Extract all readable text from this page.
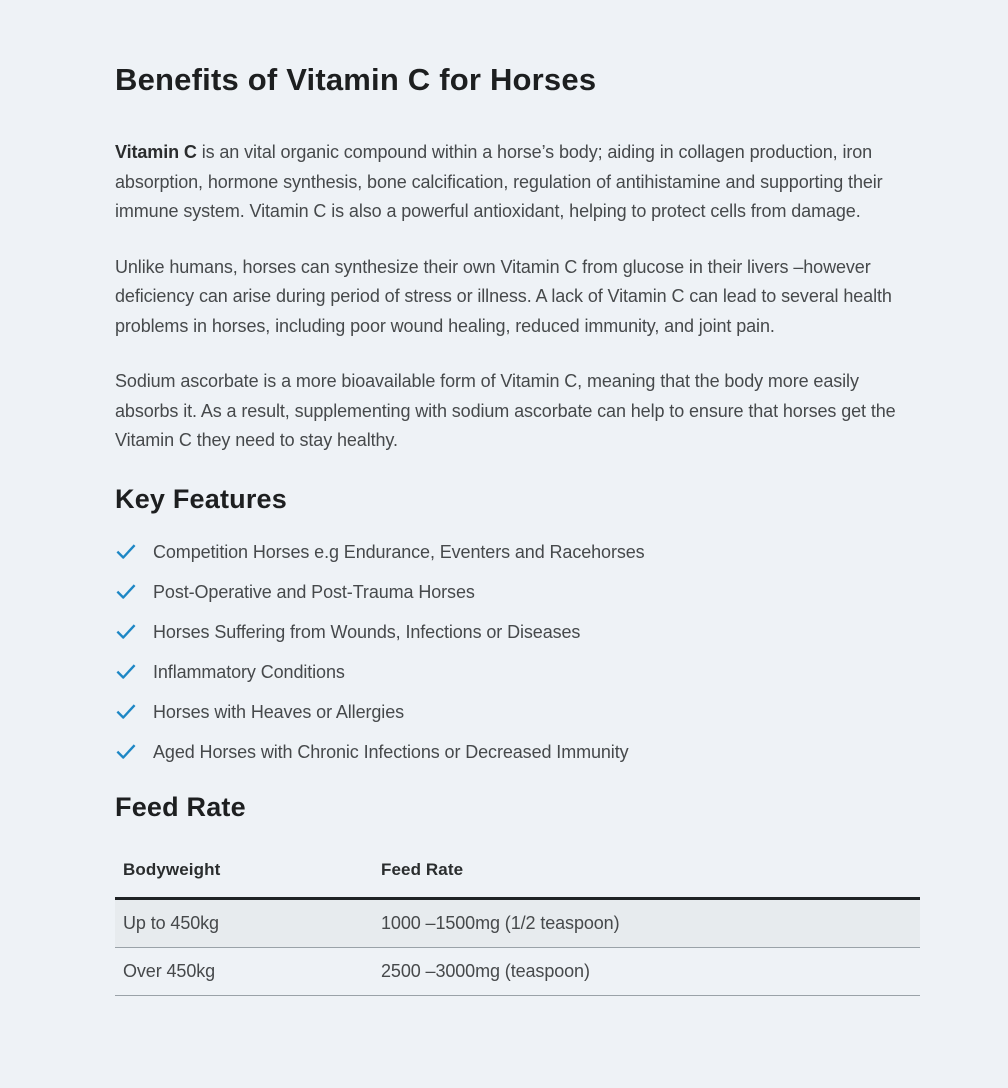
Benefits of Vitamin C for Horses

Vitamin C is an vital organic compound within a horse’s body; aiding in collagen production, iron absorption, hormone synthesis, bone calcification, regulation of antihistamine and supporting their immune system. Vitamin C is also a powerful antioxidant, helping to protect cells from damage.

Unlike humans, horses can synthesize their own Vitamin C from glucose in their livers –however deficiency can arise during period of stress or illness. A lack of Vitamin C can lead to several health problems in horses, including poor wound healing, reduced immunity, and joint pain.

Sodium ascorbate is a more bioavailable form of Vitamin C, meaning that the body more easily absorbs it. As a result, supplementing with sodium ascorbate can help to ensure that horses get the Vitamin C they need to stay healthy.

Key Features
Competition Horses e.g Endurance, Eventers and Racehorses
Post-Operative and Post-Trauma Horses
Horses Suffering from Wounds, Infections or Diseases
Inflammatory Conditions
Horses with Heaves or Allergies
Aged Horses with Chronic Infections or Decreased Immunity
Feed Rate
Bodyweight	Feed Rate
Up to 450kg	1000 –1500mg (1/2 teaspoon)
Over 450kg	2500 –3000mg (teaspoon)
